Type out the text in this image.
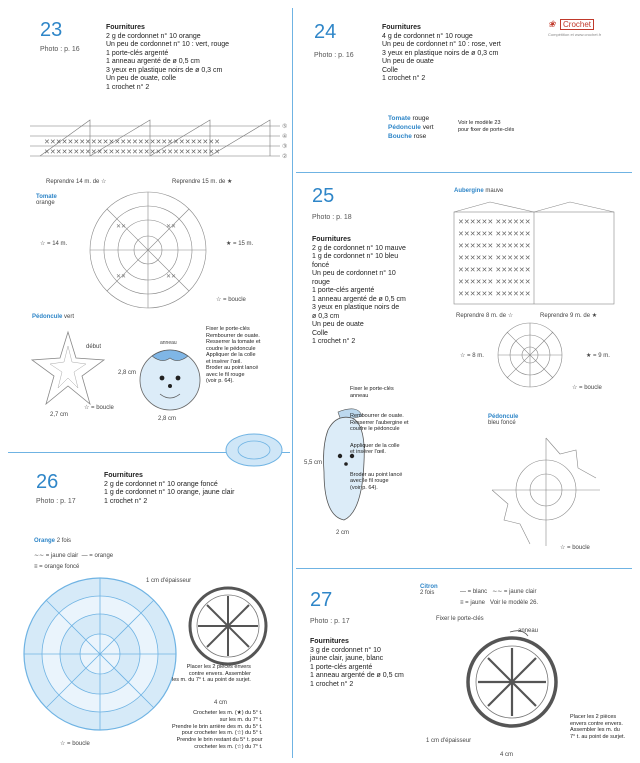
❀ Crochet
Compétition et www.crochet.fr
23
Photo : p. 16
Fournitures
2 g de cordonnet n° 10 orange
Un peu de cordonnet n° 10 : vert, rouge
1 porte-clés argenté
1 anneau argenté de ø 0,5 cm
3 yeux en plastique noirs de ø 0,3 cm
Un peu de ouate, colle
1 crochet n° 2
⑤
④
③
②
✕✕✕✕✕✕✕✕✕✕✕✕✕✕✕✕✕✕✕✕✕✕✕✕✕✕✕✕✕✕
✕✕✕✕✕✕✕✕✕✕✕✕✕✕✕✕✕✕✕✕✕✕✕✕✕✕✕✕✕✕
Reprendre 14 m. de ☆	Reprendre 15 m. de ★
Tomate
orange
✕✕	✕✕
✕✕	✕✕
☆ = 14 m.	★ = 15 m.
☆ = boucle
Pédoncule vert
début
☆ = boucle
2,7 cm
anneau
2,8 cm
2,8 cm
Fixer le porte-clés
Rembourrer de ouate.
Resserrer la tomate et
coudre le pédoncule
Appliquer de la colle
et insérer l'œil.
Broder au point lancé
avec le fil rouge
(voir p. 64).
24
Photo : p. 16
Fournitures
4 g de cordonnet n° 10 rouge
Un peu de cordonnet n° 10 : rose, vert
3 yeux en plastique noirs de ø 0,3 cm
Un peu de ouate
Colle
1 crochet n° 2
Tomate rouge
Pédoncule vert
Bouche rose
Voir le modèle 23
pour fixer de porte-clés
25
Photo : p. 18
Fournitures
2 g de cordonnet n° 10 mauve
1 g de cordonnet n° 10 bleu
foncé
Un peu de cordonnet n° 10
rouge
1 porte-clés argenté
1 anneau argenté de ø 0,5 cm
3 yeux en plastique noirs de
ø 0,3 cm
Un peu de ouate
Colle
1 crochet n° 2
Aubergine mauve
✕✕✕✕✕✕ ✕✕✕✕✕✕
✕✕✕✕✕✕ ✕✕✕✕✕✕
✕✕✕✕✕✕ ✕✕✕✕✕✕
✕✕✕✕✕✕ ✕✕✕✕✕✕
✕✕✕✕✕✕ ✕✕✕✕✕✕
✕✕✕✕✕✕ ✕✕✕✕✕✕
✕✕✕✕✕✕ ✕✕✕✕✕✕
Reprendre 8 m. de ☆	Reprendre 9 m. de ★
☆ = 8 m.	★ = 9 m.
☆ = boucle
Fixer le porte-clés
anneau
Rembourrer de ouate.
Resserrer l'aubergine et
coudre le pédoncule
Appliquer de la colle
et insérer l'œil.
Broder au point lancé
avec le fil rouge
(voir p. 64).
5,5 cm
2 cm
Pédoncule
bleu foncé
☆ = boucle
26
Photo : p. 17
Fournitures
2 g de cordonnet n° 10 orange foncé
1 g de cordonnet n° 10 orange, jaune clair
1 crochet n° 2
Orange 2 fois
∼∼ = jaune clair  — = orange
≡ = orange foncé
☆ = boucle
1 cm d'épaisseur
Placer les 2 pièces envers
contre envers. Assembler
les m. du 7° t. au point de surjet.
4 cm
Crocheter les m. (★) du 5° t.
sur les m. du 7° t.
Prendre le brin arrière des m. du 5° t.
pour crocheter les m. (☆) du 5° t.
Prendre le brin restant du 5° t. pour
crocheter les m. (☆) du 7° t.
27
Photo : p. 17
Fournitures
3 g de cordonnet n° 10
jaune clair, jaune, blanc
1 porte-clés argenté
1 anneau argenté de ø 0,5 cm
1 crochet n° 2
Citron
2 fois	— = blanc   ∼∼ = jaune clair
≡ = jaune Voir le modèle 26.
Fixer le porte-clés
anneau
Placer les 2 pièces
envers contre envers.
Assembler les m. du
7° t. au point de surjet.
1 cm d'épaisseur
4 cm
